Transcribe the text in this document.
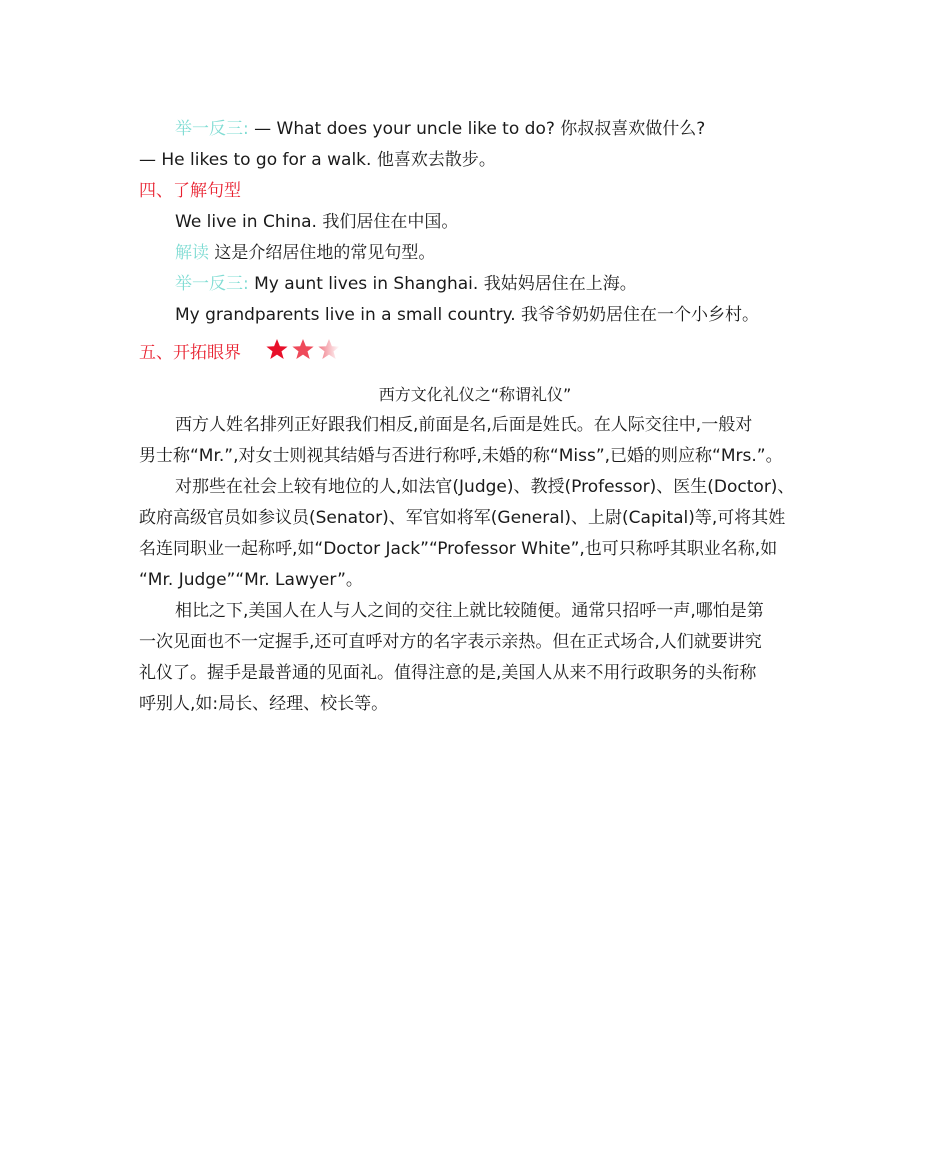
举一反三: — What does your uncle like to do? 你叔叔喜欢做什么?
— He likes to go for a walk. 他喜欢去散步。
四、了解句型
We live in China. 我们居住在中国。
解读 这是介绍居住地的常见句型。
举一反三: My aunt lives in Shanghai. 我姑妈居住在上海。
My grandparents live in a small country. 我爷爷奶奶居住在一个小乡村。
五、开拓眼界
西方文化礼仪之“称谓礼仪”
西方人姓名排列正好跟我们相反,前面是名,后面是姓氏。在人际交往中,一般对
男士称“Mr.”,对女士则视其结婚与否进行称呼,未婚的称“Miss”,已婚的则应称“Mrs.”。
对那些在社会上较有地位的人,如法官(Judge)、教授(Professor)、医生(Doctor)、
政府高级官员如参议员(Senator)、军官如将军(General)、上尉(Capital)等,可将其姓
名连同职业一起称呼,如“Doctor Jack”“Professor White”,也可只称呼其职业名称,如
“Mr. Judge”“Mr. Lawyer”。
相比之下,美国人在人与人之间的交往上就比较随便。通常只招呼一声,哪怕是第
一次见面也不一定握手,还可直呼对方的名字表示亲热。但在正式场合,人们就要讲究
礼仪了。握手是最普通的见面礼。值得注意的是,美国人从来不用行政职务的头衔称
呼别人,如:局长、经理、校长等。
